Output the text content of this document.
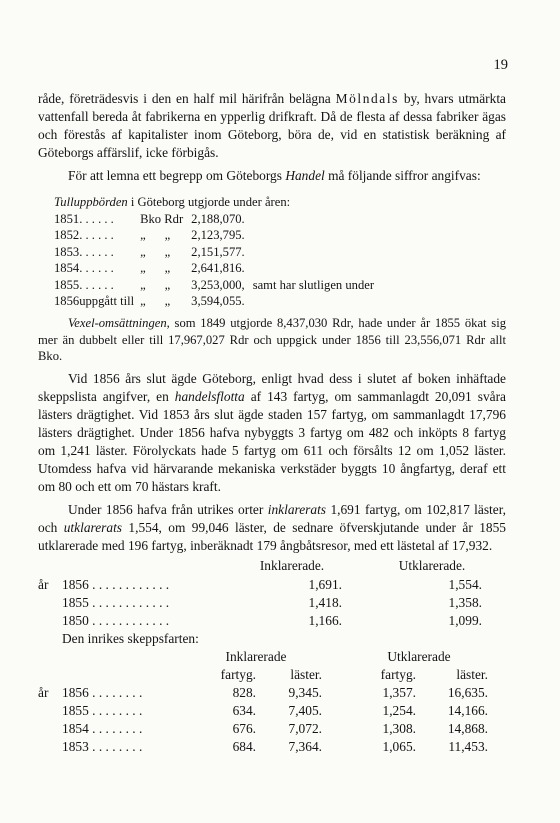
19

råde, företrädesvis i den en half mil härifrån belägna Mölndals by, hvars utmärkta vattenfall bereda åt fabrikerna en ypperlig drifkraft. Då de flesta af dessa fabriker ägas och förestås af kapitalister inom Göteborg, böra de, vid en statistisk beräkning af Göteborgs affärslif, icke förbigås.

För att lemna ett begrepp om Göteborgs Handel må följande siffror angifvas:

Tulluppbörden i Göteborg utgjorde under åren:
1851	. . . . . .	Bko Rdr	2,188,070.	
1852	. . . . . .	„      „	2,123,795.	
1853	. . . . . .	„      „	2,151,577.	
1854	. . . . . .	„      „	2,641,816.	
1855	. . . . . .	„      „	3,253,000,	samt har slutligen under
1856	uppgått till	„      „	3,594,055.	

Vexel-omsättningen, som 1849 utgjorde 8,437,030 Rdr, hade under år 1855 ökat sig mer än dubbelt eller till 17,967,027 Rdr och uppgick under 1856 till 23,556,071 Rdr allt Bko.

Vid 1856 års slut ägde Göteborg, enligt hvad dess i slutet af boken inhäftade skeppslista angifver, en handelsflotta af 143 fartyg, om sammanlagdt 20,091 svåra lästers drägtighet. Vid 1853 års slut ägde staden 157 fartyg, om sammanlagdt 17,796 lästers drägtighet. Under 1856 hafva nybyggts 3 fartyg om 482 och inköpts 8 fartyg om 1,241 läster. Förolyckats hade 5 fartyg om 611 och försålts 12 om 1,052 läster. Utomdess hafva vid härvarande mekaniska verkstäder byggts 10 ångfartyg, deraf ett om 80 och ett om 70 hästars kraft.

Under 1856 hafva från utrikes orter inklarerats 1,691 fartyg, om 102,817 läster, och utklarerats 1,554, om 99,046 läster, de sednare öfverskjutande under år 1855 utklarerade med 196 fartyg, inberäknadt 179 ångbåtsresor, med ett lästetal af 17,932.

		Inklarerade.		Utklarerade.
år	1856 . . . . . . . . . . . .	1,691.		1,554.
	1855 . . . . . . . . . . . .	1,418.		1,358.
	1850 . . . . . . . . . . . .	1,166.		1,099.
Den inrikes skeppsfarten:
		Inklarerade			Utklarerade	
		fartyg.	läster.		fartyg.	läster.
år	1856 . . . . . . . .	828.	9,345.		1,357.	16,635.
	1855 . . . . . . . .	634.	7,405.		1,254.	14,166.
	1854 . . . . . . . .	676.	7,072.		1,308.	14,868.
	1853 . . . . . . . .	684.	7,364.		1,065.	11,453.
